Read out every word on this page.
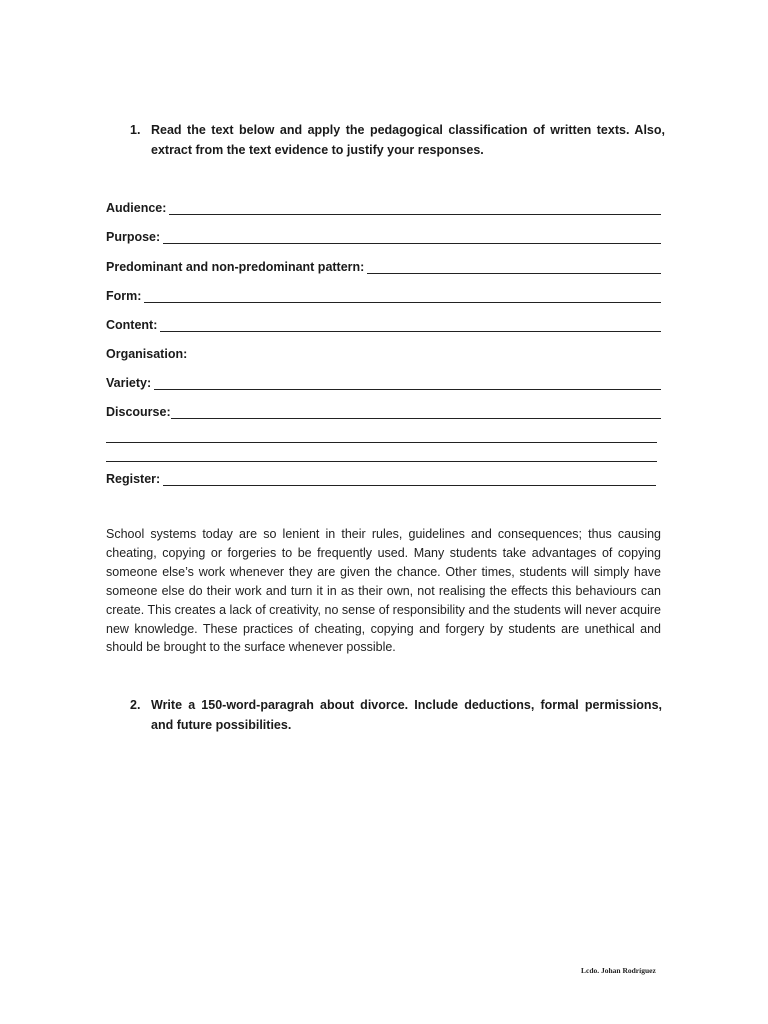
1. Read the text below and apply the pedagogical classification of written texts. Also, extract from the text evidence to justify your responses.
Audience:
Purpose:
Predominant and non-predominant pattern:
Form:
Content:
Organisation:
Variety:
Discourse:
Register:
School systems today are so lenient in their rules, guidelines and consequences; thus causing cheating, copying or forgeries to be frequently used. Many students take advantages of copying someone else’s work whenever they are given the chance. Other times, students will simply have someone else do their work and turn it in as their own, not realising the effects this behaviours can create. This creates a lack of creativity, no sense of responsibility and the students will never acquire new knowledge. These practices of cheating, copying and forgery by students are unethical and should be brought to the surface whenever possible.
2. Write a 150-word-paragrah about divorce. Include deductions, formal permissions, and future possibilities.
Lcdo. Johan Rodríguez
